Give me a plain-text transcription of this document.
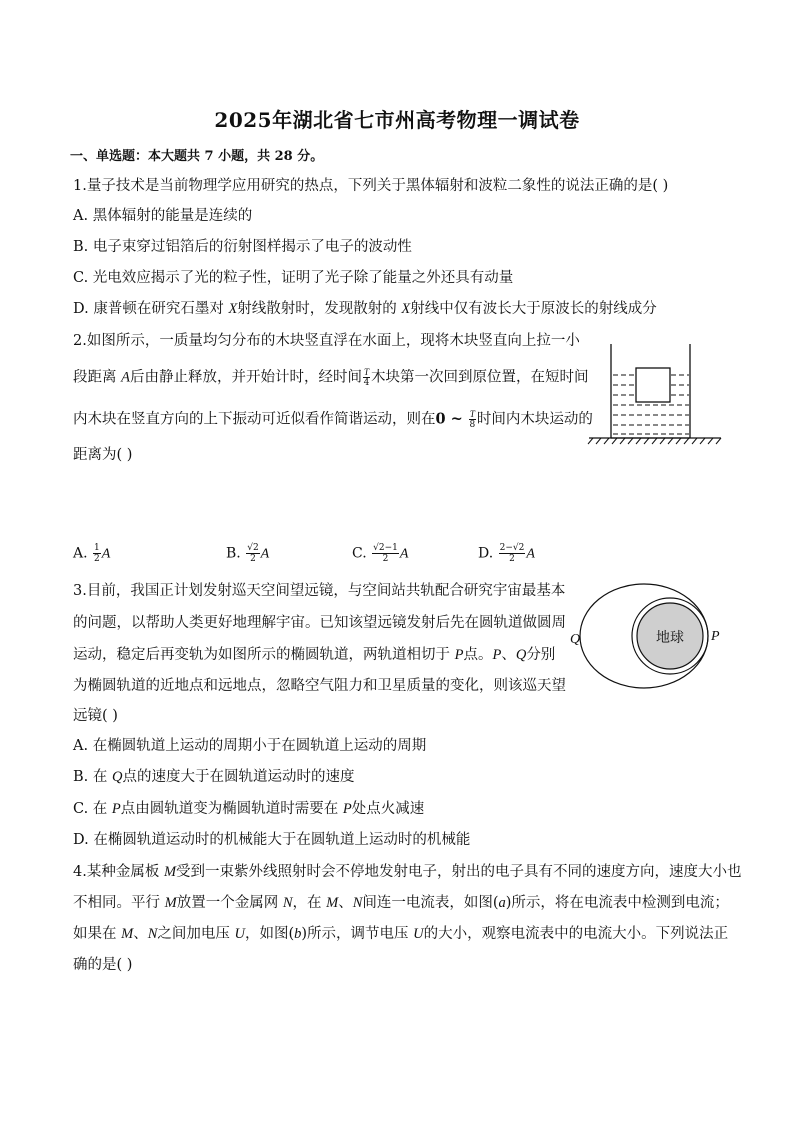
2025年湖北省七市州高考物理一调试卷
一、单选题：本大题共 7 小题，共 28 分。
1.量子技术是当前物理学应用研究的热点，下列关于黑体辐射和波粒二象性的说法正确的是( )
A. 黑体辐射的能量是连续的
B. 电子束穿过铝箔后的衍射图样揭示了电子的波动性
C. 光电效应揭示了光的粒子性，证明了光子除了能量之外还具有动量
D. 康普顿在研究石墨对 X射线散射时，发现散射的 X射线中仅有波长大于原波长的射线成分
2.如图所示，一质量均匀分布的木块竖直浮在水面上，现将木块竖直向上拉一小
段距离 A后由静止释放，并开始计时，经时间 $\frac{T}{4}$ 木块第一次回到原位置，在短时间
内木块在竖直方向的上下振动可近似看作简谐运动，则在0 ~ $\frac{T}{8}$ 时间内木块运动的
距离为( )
A. $\frac{1}{2}$ A	B. $\frac{√2}{2}$ A	C. $\frac{√2-1}{2}$ A	D. $\frac{2-√2}{2}$ A
3.目前，我国正计划发射巡天空间望远镜，与空间站共轨配合研究宇宙最基本
的问题，以帮助人类更好地理解宇宙。已知该望远镜发射后先在圆轨道做圆周
运动，稳定后再变轨为如图所示的椭圆轨道，两轨道相切于 P点。P、Q分别
为椭圆轨道的近地点和远地点，忽略空气阻力和卫星质量的变化，则该巡天望
远镜( )
A. 在椭圆轨道上运动的周期小于在圆轨道上运动的周期
B. 在 Q点的速度大于在圆轨道运动时的速度
C. 在 P点由圆轨道变为椭圆轨道时需要在 P处点火减速
D. 在椭圆轨道运动时的机械能大于在圆轨道上运动时的机械能
地球
Q	P
4.某种金属板 M受到一束紫外线照射时会不停地发射电子，射出的电子具有不同的速度方向，速度大小也
不相同。平行 M放置一个金属网 N，在 M、N间连一电流表，如图(a)所示，将在电流表中检测到电流；
如果在 M、N之间加电压 U，如图(b)所示，调节电压 U的大小，观察电流表中的电流大小。下列说法正
确的是( )
